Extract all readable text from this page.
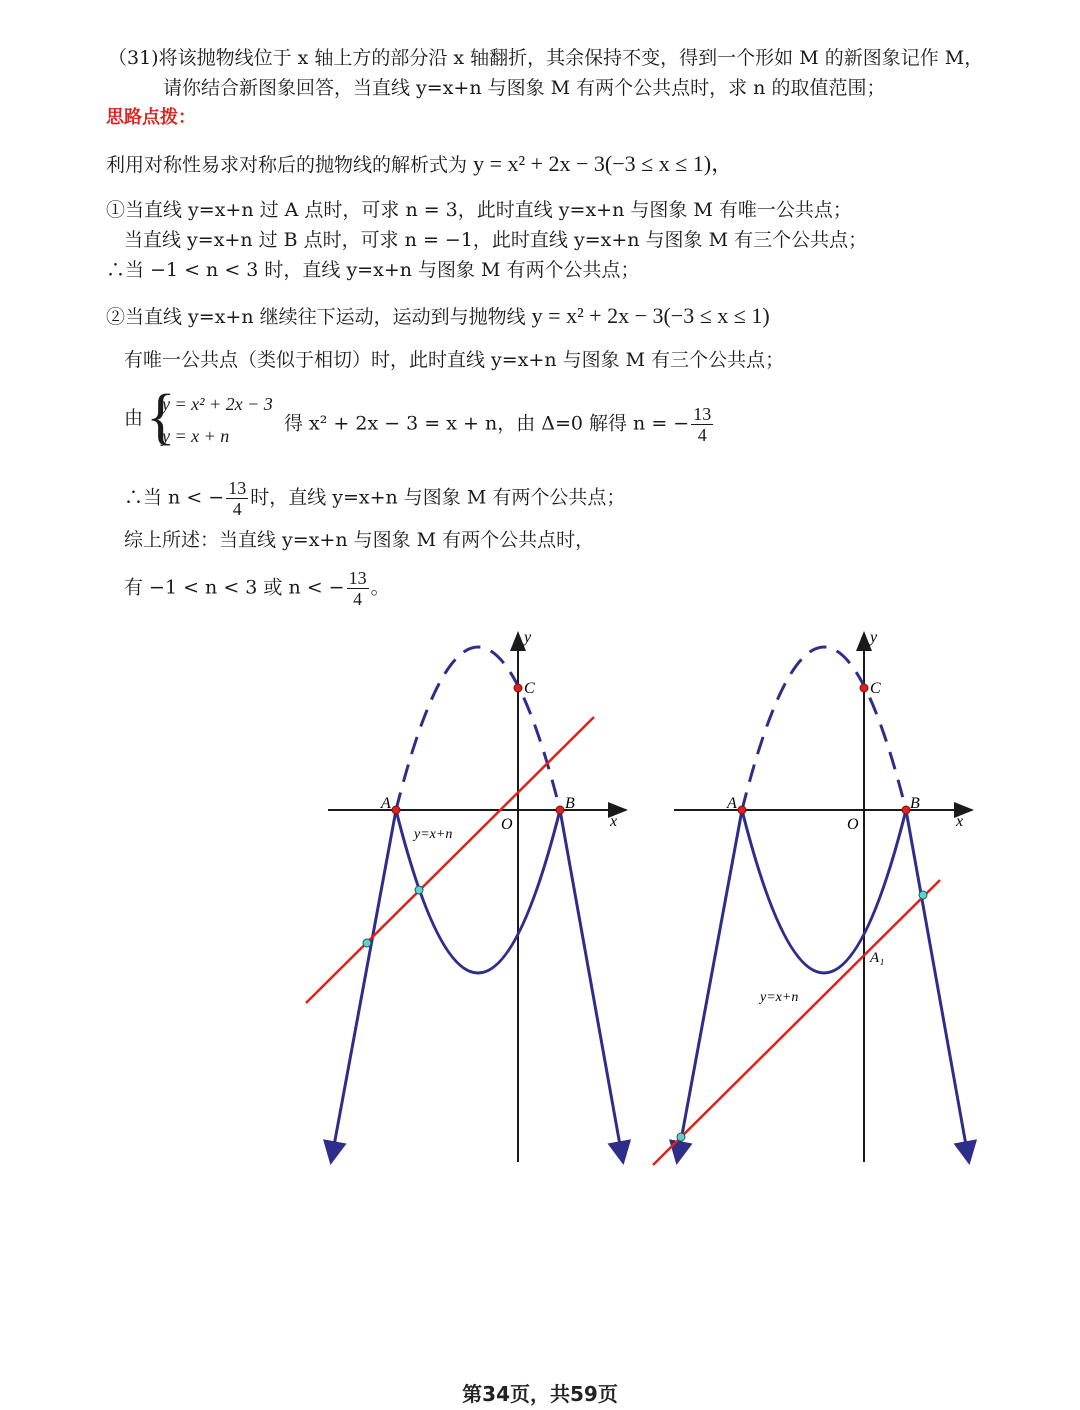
（31)将该抛物线位于 x 轴上方的部分沿 x 轴翻折，其余保持不变，得到一个形如 M 的新图象记作 M，
请你结合新图象回答，当直线 y=x+n 与图象 M 有两个公共点时，求 n 的取值范围；
思路点拨：
利用对称性易求对称后的抛物线的解析式为 y = x² + 2x − 3(−3 ≤ x ≤ 1)，
①当直线 y=x+n 过 A 点时，可求 n = 3，此时直线 y=x+n 与图象 M 有唯一公共点；
当直线 y=x+n 过 B 点时，可求 n = −1，此时直线 y=x+n 与图象 M 有三个公共点；
∴当 −1 < n < 3 时，直线 y=x+n 与图象 M 有两个公共点；
②当直线 y=x+n 继续往下运动，运动到与抛物线 y = x² + 2x − 3(−3 ≤ x ≤ 1)
有唯一公共点（类似于相切）时，此时直线 y=x+n 与图象 M 有三个公共点；
由 {
y = x² + 2x − 3
y = x + n
得 x² + 2x − 3 = x + n，由 Δ=0 解得 n = − $\frac{13}{4}$
∴当 n < − $\frac{13}{4}$ 时，直线 y=x+n 与图象 M 有两个公共点；
综上所述：当直线 y=x+n 与图象 M 有两个公共点时，
有 −1 < n < 3 或 n < − $\frac{13}{4}$ 。
y
x
O
A	B
C
y=x+n
y
x
O
A	B
C
A₁
y=x+n
第34页，共59页
